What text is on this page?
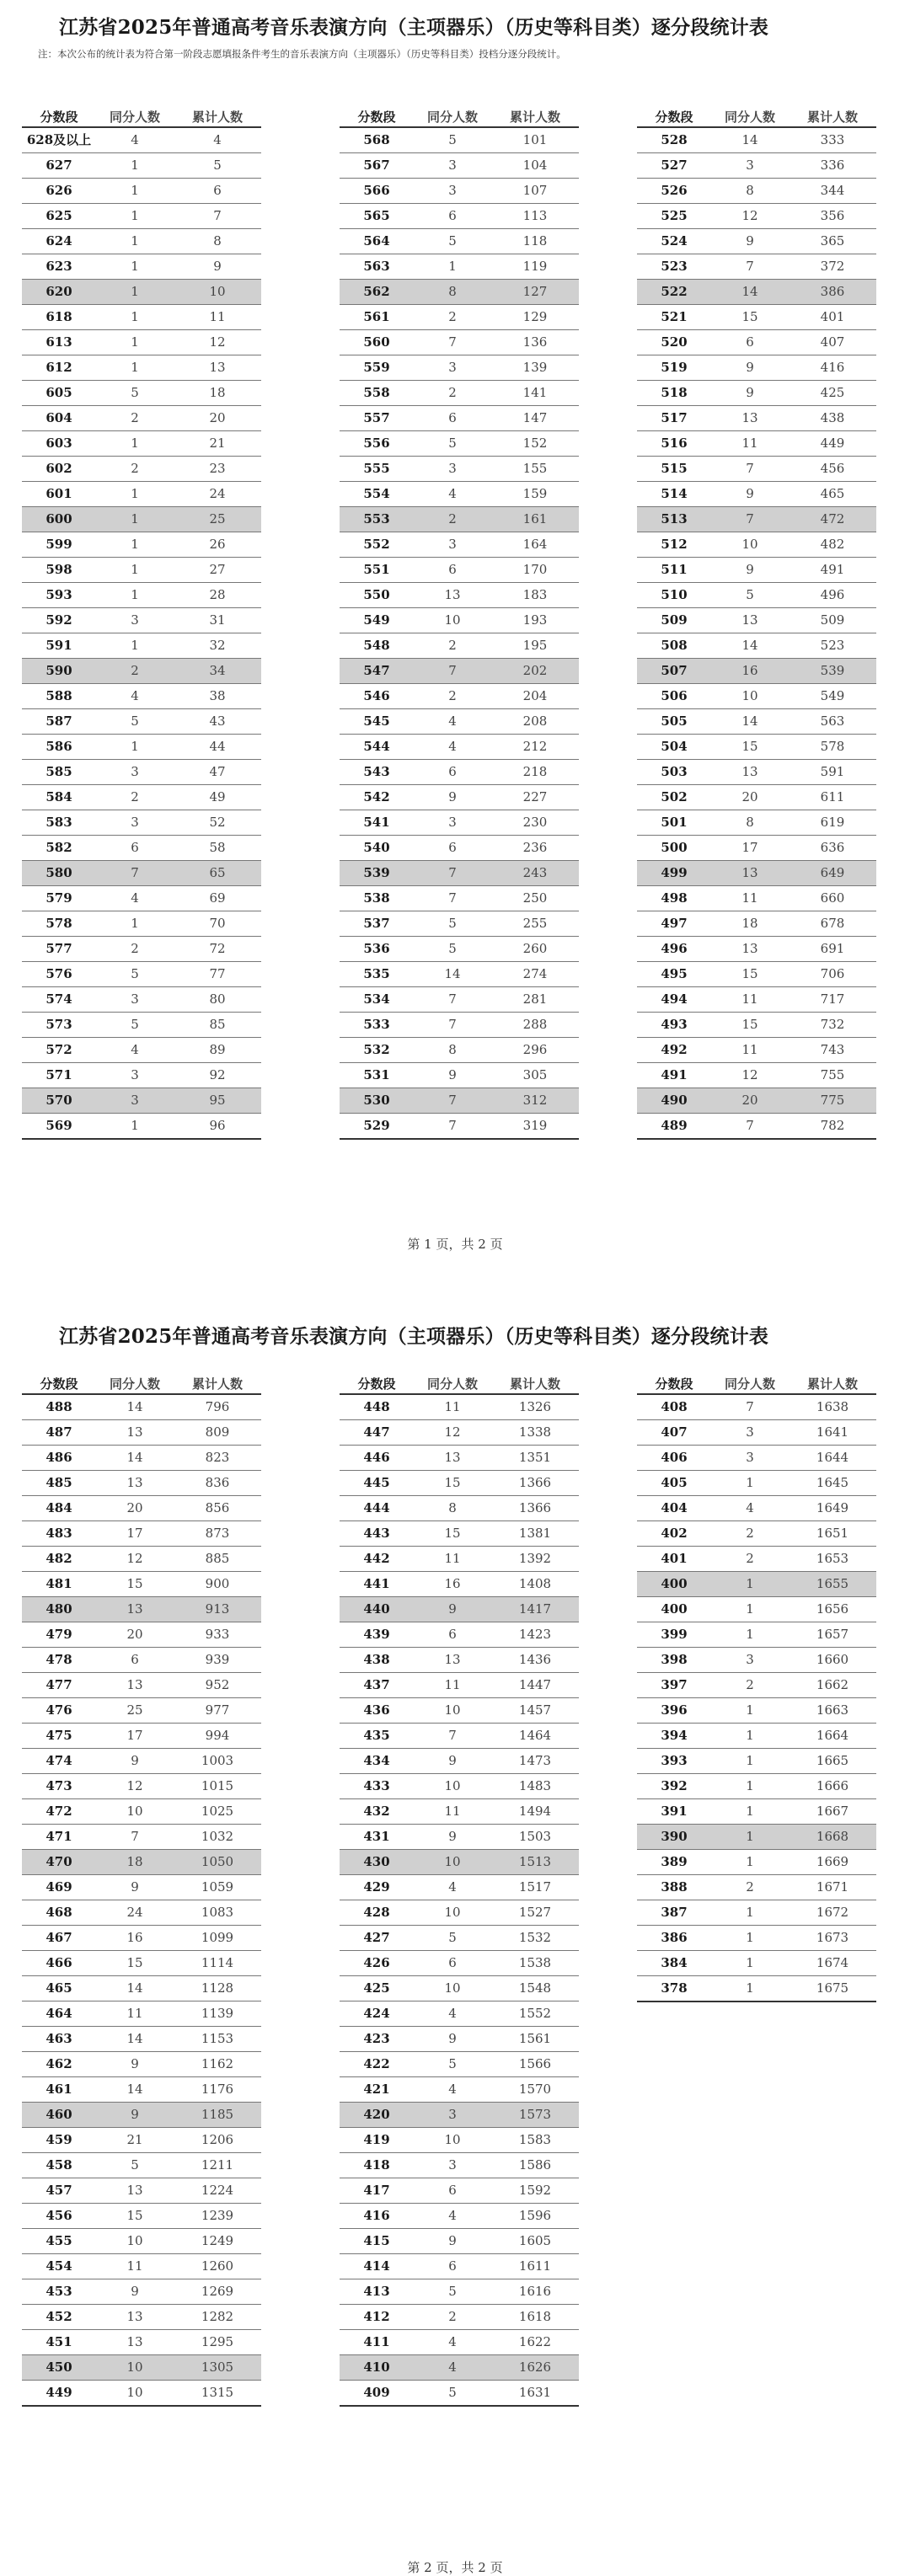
江苏省2025年普通高考音乐表演方向（主项器乐）（历史等科目类）逐分段统计表
注：本次公布的统计表为符合第一阶段志愿填报条件考生的音乐表演方向（主项器乐）（历史等科目类）投档分逐分段统计。
第 1 页，共 2 页
分数段	同分人数	累计人数
628及以上	4	4
627	1	5
626	1	6
625	1	7
624	1	8
623	1	9
620	1	10
618	1	11
613	1	12
612	1	13
605	5	18
604	2	20
603	1	21
602	2	23
601	1	24
600	1	25
599	1	26
598	1	27
593	1	28
592	3	31
591	1	32
590	2	34
588	4	38
587	5	43
586	1	44
585	3	47
584	2	49
583	3	52
582	6	58
580	7	65
579	4	69
578	1	70
577	2	72
576	5	77
574	3	80
573	5	85
572	4	89
571	3	92
570	3	95
569	1	96
分数段	同分人数	累计人数
568	5	101
567	3	104
566	3	107
565	6	113
564	5	118
563	1	119
562	8	127
561	2	129
560	7	136
559	3	139
558	2	141
557	6	147
556	5	152
555	3	155
554	4	159
553	2	161
552	3	164
551	6	170
550	13	183
549	10	193
548	2	195
547	7	202
546	2	204
545	4	208
544	4	212
543	6	218
542	9	227
541	3	230
540	6	236
539	7	243
538	7	250
537	5	255
536	5	260
535	14	274
534	7	281
533	7	288
532	8	296
531	9	305
530	7	312
529	7	319
分数段	同分人数	累计人数
528	14	333
527	3	336
526	8	344
525	12	356
524	9	365
523	7	372
522	14	386
521	15	401
520	6	407
519	9	416
518	9	425
517	13	438
516	11	449
515	7	456
514	9	465
513	7	472
512	10	482
511	9	491
510	5	496
509	13	509
508	14	523
507	16	539
506	10	549
505	14	563
504	15	578
503	13	591
502	20	611
501	8	619
500	17	636
499	13	649
498	11	660
497	18	678
496	13	691
495	15	706
494	11	717
493	15	732
492	11	743
491	12	755
490	20	775
489	7	782
江苏省2025年普通高考音乐表演方向（主项器乐）（历史等科目类）逐分段统计表
第 2 页，共 2 页
分数段	同分人数	累计人数
488	14	796
487	13	809
486	14	823
485	13	836
484	20	856
483	17	873
482	12	885
481	15	900
480	13	913
479	20	933
478	6	939
477	13	952
476	25	977
475	17	994
474	9	1003
473	12	1015
472	10	1025
471	7	1032
470	18	1050
469	9	1059
468	24	1083
467	16	1099
466	15	1114
465	14	1128
464	11	1139
463	14	1153
462	9	1162
461	14	1176
460	9	1185
459	21	1206
458	5	1211
457	13	1224
456	15	1239
455	10	1249
454	11	1260
453	9	1269
452	13	1282
451	13	1295
450	10	1305
449	10	1315
分数段	同分人数	累计人数
448	11	1326
447	12	1338
446	13	1351
445	15	1366
444	8	1366
443	15	1381
442	11	1392
441	16	1408
440	9	1417
439	6	1423
438	13	1436
437	11	1447
436	10	1457
435	7	1464
434	9	1473
433	10	1483
432	11	1494
431	9	1503
430	10	1513
429	4	1517
428	10	1527
427	5	1532
426	6	1538
425	10	1548
424	4	1552
423	9	1561
422	5	1566
421	4	1570
420	3	1573
419	10	1583
418	3	1586
417	6	1592
416	4	1596
415	9	1605
414	6	1611
413	5	1616
412	2	1618
411	4	1622
410	4	1626
409	5	1631
分数段	同分人数	累计人数
408	7	1638
407	3	1641
406	3	1644
405	1	1645
404	4	1649
402	2	1651
401	2	1653
400	1	1655
400	1	1656
399	1	1657
398	3	1660
397	2	1662
396	1	1663
394	1	1664
393	1	1665
392	1	1666
391	1	1667
390	1	1668
389	1	1669
388	2	1671
387	1	1672
386	1	1673
384	1	1674
378	1	1675
